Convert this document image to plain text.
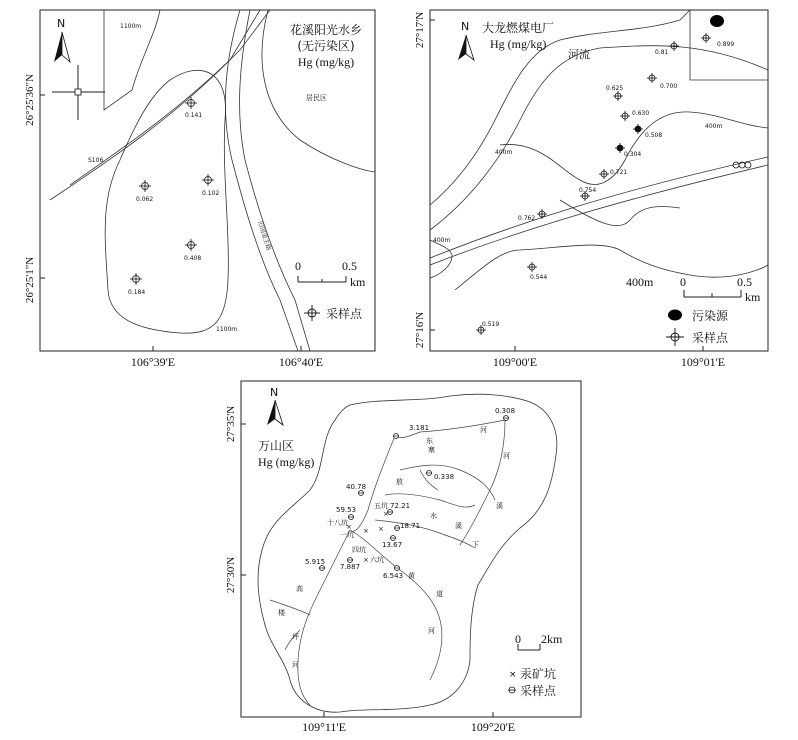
N	花溪阳光水乡
(无污染区)
Hg (mg/kg)
1100m
1100m
居民区
S106
旧国道主路
0.141
0.062
0.102
0.408
0.184
0	0.5
km
采样点
26°25'36"N
26°25'1"N
106°39'E	106°40'E
N 大龙燃煤电厂
Hg (mg/kg)
河流
400m
400m
400m
400m
0.81
0.899
0.625	0.700
0.630
0.508
0.304
0.721
0.754
0.762
0.544
0.519
0	0.5
km
污染源
采样点
27°17'N
27°16'N
109°00'E	109°01'E
N
万山区
Hg (mg/kg)
东
寨
河
河
溪
敖
水
溪
下
黄
道
河
高
楼
坪
河
0.308
3.181
0.338
40.78
59.53	72.21
18.71
13.67
7.887
5.915
6.543
十八坑
五坑
一坑
四坑
六坑
×
× ×
×
×
0 2km
× 汞矿坑
采样点
27°35'N
27°30'N
109°11'E	109°20'E
